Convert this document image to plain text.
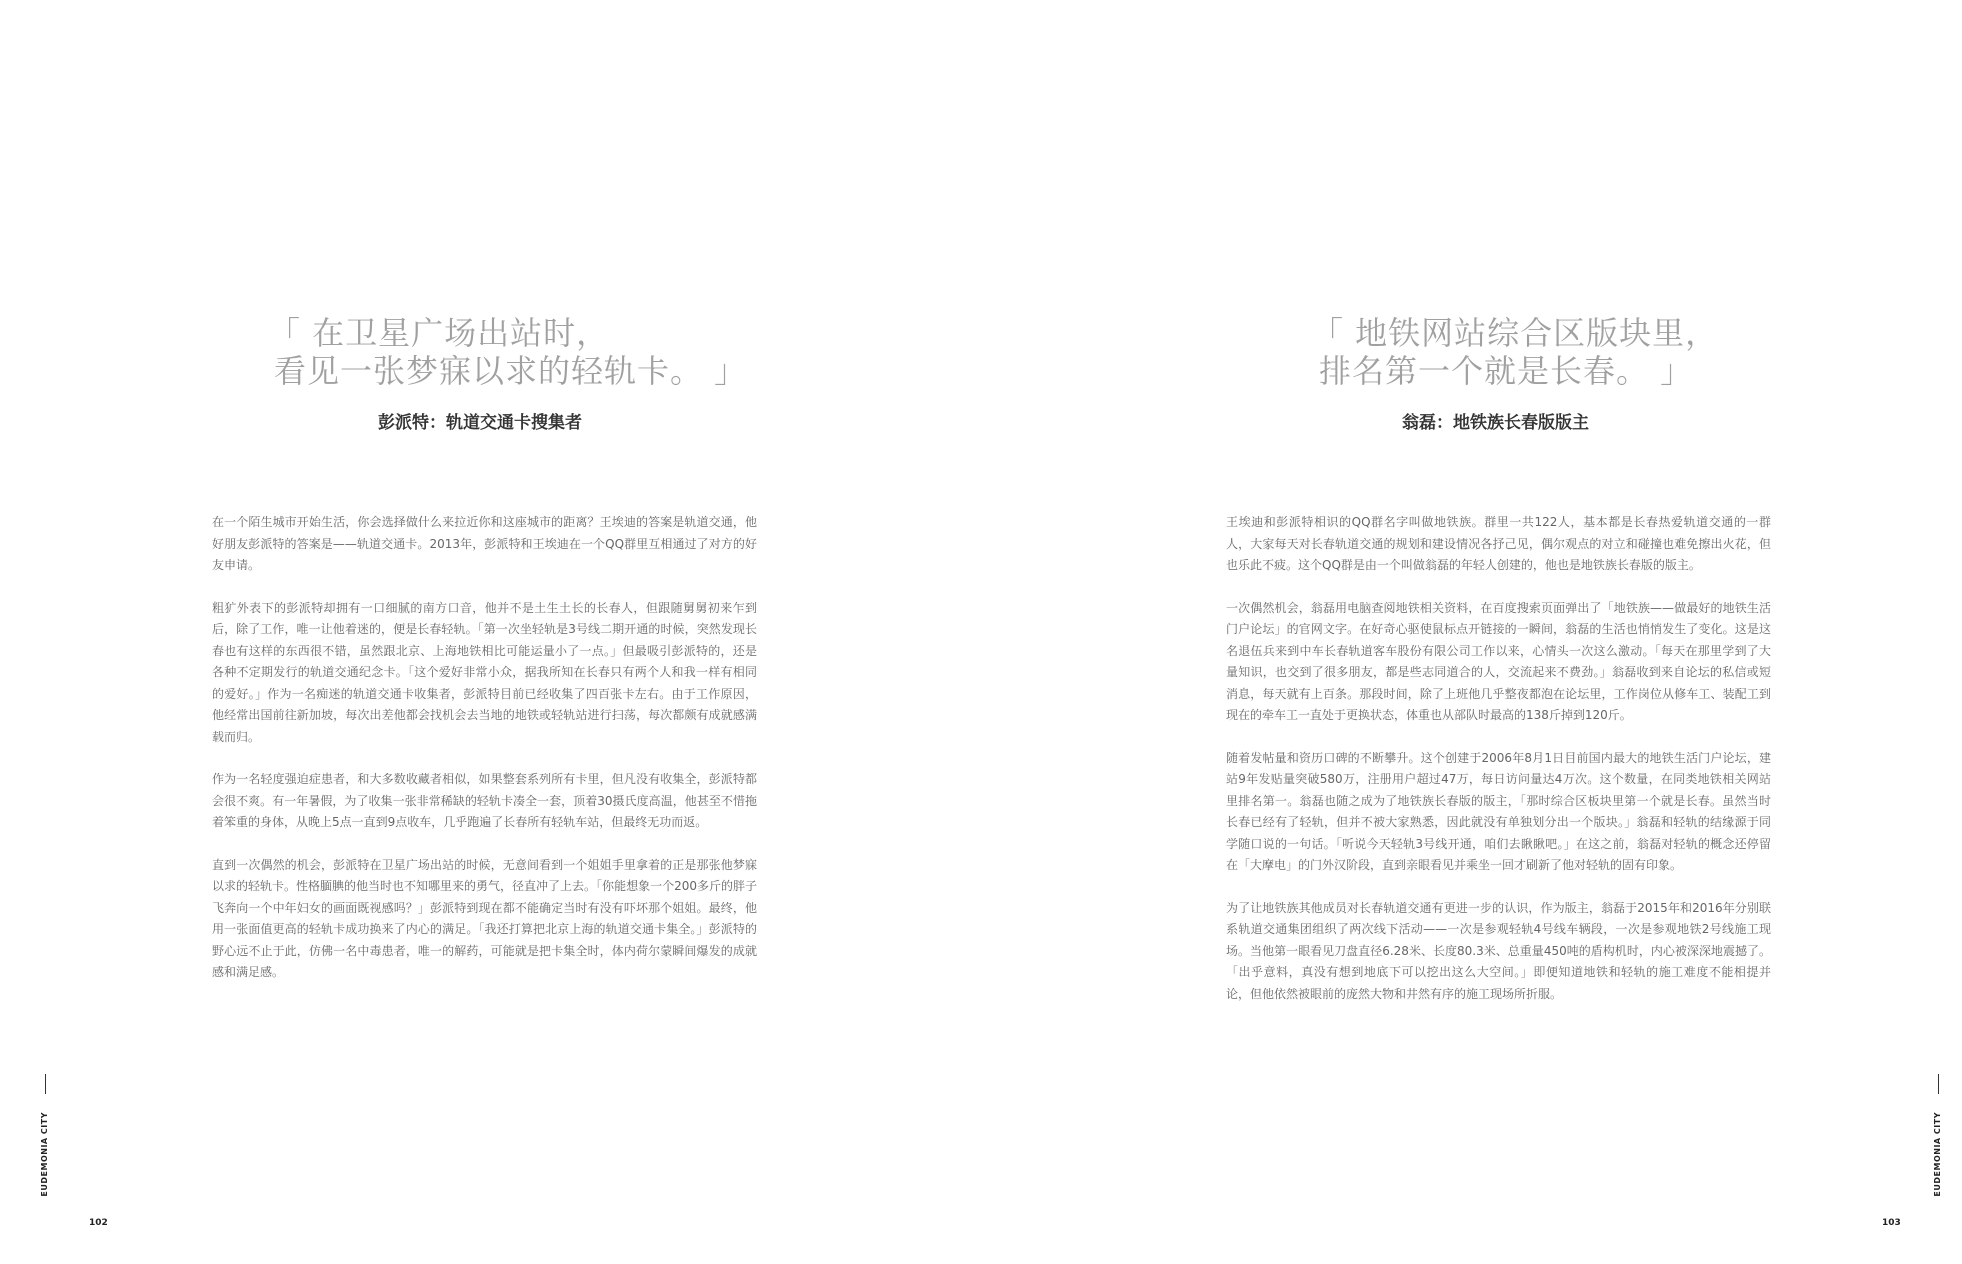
「 在卫星广场出站时，
看见一张梦寐以求的轻轨卡。 」
彭派特：轨道交通卡搜集者

在一个陌生城市开始生活，你会选择做什么来拉近你和这座城市的距离？王埃迪的答案是轨道交通，他好朋友彭派特的答案是——轨道交通卡。2013年，彭派特和王埃迪在一个QQ群里互相通过了对方的好友申请。

粗犷外表下的彭派特却拥有一口细腻的南方口音，他并不是土生土长的长春人，但跟随舅舅初来乍到后，除了工作，唯一让他着迷的，便是长春轻轨。「第一次坐轻轨是3号线二期开通的时候，突然发现长春也有这样的东西很不错，虽然跟北京、上海地铁相比可能运量小了一点。」但最吸引彭派特的，还是各种不定期发行的轨道交通纪念卡。「这个爱好非常小众，据我所知在长春只有两个人和我一样有相同的爱好。」作为一名痴迷的轨道交通卡收集者，彭派特目前已经收集了四百张卡左右。由于工作原因，他经常出国前往新加坡，每次出差他都会找机会去当地的地铁或轻轨站进行扫荡，每次都颇有成就感满载而归。

作为一名轻度强迫症患者，和大多数收藏者相似，如果整套系列所有卡里，但凡没有收集全，彭派特都会很不爽。有一年暑假，为了收集一张非常稀缺的轻轨卡凑全一套，顶着30摄氏度高温，他甚至不惜拖着笨重的身体，从晚上5点一直到9点收车，几乎跑遍了长春所有轻轨车站，但最终无功而返。

直到一次偶然的机会，彭派特在卫星广场出站的时候，无意间看到一个姐姐手里拿着的正是那张他梦寐以求的轻轨卡。性格腼腆的他当时也不知哪里来的勇气，径直冲了上去。「你能想象一个200多斤的胖子飞奔向一个中年妇女的画面既视感吗？」彭派特到现在都不能确定当时有没有吓坏那个姐姐。最终，他用一张面值更高的轻轨卡成功换来了内心的满足。「我还打算把北京上海的轨道交通卡集全。」彭派特的野心远不止于此，仿佛一名中毒患者，唯一的解药，可能就是把卡集全时，体内荷尔蒙瞬间爆发的成就感和满足感。

EUDEMONIA CITY
102
「 地铁网站综合区版块里，
排名第一个就是长春。 」
翁磊：地铁族长春版版主

王埃迪和彭派特相识的QQ群名字叫做地铁族。群里一共122人，基本都是长春热爱轨道交通的一群人，大家每天对长春轨道交通的规划和建设情况各抒己见，偶尔观点的对立和碰撞也难免擦出火花，但也乐此不疲。这个QQ群是由一个叫做翁磊的年轻人创建的，他也是地铁族长春版的版主。

一次偶然机会，翁磊用电脑查阅地铁相关资料，在百度搜索页面弹出了「地铁族——做最好的地铁生活门户论坛」的官网文字。在好奇心驱使鼠标点开链接的一瞬间，翁磊的生活也悄悄发生了变化。这是这名退伍兵来到中车长春轨道客车股份有限公司工作以来，心情头一次这么激动。「每天在那里学到了大量知识，也交到了很多朋友，都是些志同道合的人，交流起来不费劲。」翁磊收到来自论坛的私信或短消息，每天就有上百条。那段时间，除了上班他几乎整夜都泡在论坛里，工作岗位从修车工、装配工到现在的牵车工一直处于更换状态，体重也从部队时最高的138斤掉到120斤。

随着发帖量和资历口碑的不断攀升。这个创建于2006年8月1日目前国内最大的地铁生活门户论坛，建站9年发贴量突破580万，注册用户超过47万，每日访问量达4万次。这个数量，在同类地铁相关网站里排名第一。翁磊也随之成为了地铁族长春版的版主，「那时综合区板块里第一个就是长春。虽然当时长春已经有了轻轨，但并不被大家熟悉，因此就没有单独划分出一个版块。」翁磊和轻轨的结缘源于同学随口说的一句话。「听说今天轻轨3号线开通，咱们去瞅瞅吧。」在这之前，翁磊对轻轨的概念还停留在「大摩电」的门外汉阶段，直到亲眼看见并乘坐一回才刷新了他对轻轨的固有印象。

为了让地铁族其他成员对长春轨道交通有更进一步的认识，作为版主，翁磊于2015年和2016年分别联系轨道交通集团组织了两次线下活动——一次是参观轻轨4号线车辆段，一次是参观地铁2号线施工现场。当他第一眼看见刀盘直径6.28米、长度80.3米、总重量450吨的盾构机时，内心被深深地震撼了。「出乎意料，真没有想到地底下可以挖出这么大空间。」即便知道地铁和轻轨的施工难度不能相提并论，但他依然被眼前的庞然大物和井然有序的施工现场所折服。

EUDEMONIA CITY
103
